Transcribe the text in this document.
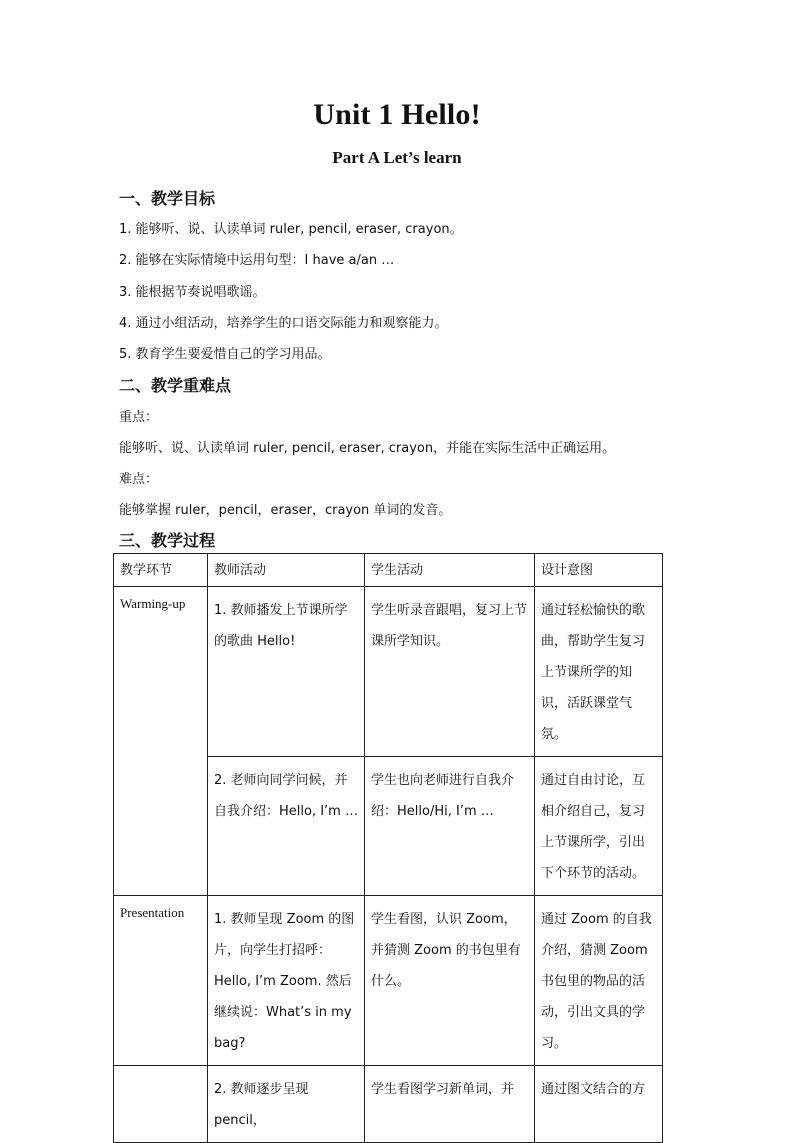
Unit 1 Hello!
Part A Let’s learn
一、教学目标
1. 能够听、说、认读单词 ruler, pencil, eraser, crayon。
2. 能够在实际情境中运用句型：I have a/an …
3. 能根据节奏说唱歌谣。
4. 通过小组活动，培养学生的口语交际能力和观察能力。
5. 教育学生要爱惜自己的学习用品。
二、教学重难点
重点：
能够听、说、认读单词 ruler, pencil, eraser, crayon，并能在实际生活中正确运用。
难点：
能够掌握 ruler，pencil，eraser，crayon 单词的发音。
三、教学过程
教学环节	教师活动	学生活动	设计意图
Warming-up	1. 教师播发上节课所学的歌曲 Hello!	学生听录音跟唱，复习上节课所学知识。	通过轻松愉快的歌曲，帮助学生复习上节课所学的知识，活跃课堂气氛。
	2. 老师向同学问候，并自我介绍：Hello, I’m …	学生也向老师进行自我介绍：Hello/Hi, I’m …	通过自由讨论，互相介绍自己，复习上节课所学，引出下个环节的活动。
Presentation	1. 教师呈现 Zoom 的图片，向学生打招呼：Hello, I’m Zoom. 然后继续说：What’s in my bag?	学生看图，认识 Zoom，并猜测 Zoom 的书包里有什么。	通过 Zoom 的自我介绍，猜测 Zoom 书包里的物品的活动，引出文具的学习。
	2. 教师逐步呈现 pencil，	学生看图学习新单词，并	通过图文结合的方
